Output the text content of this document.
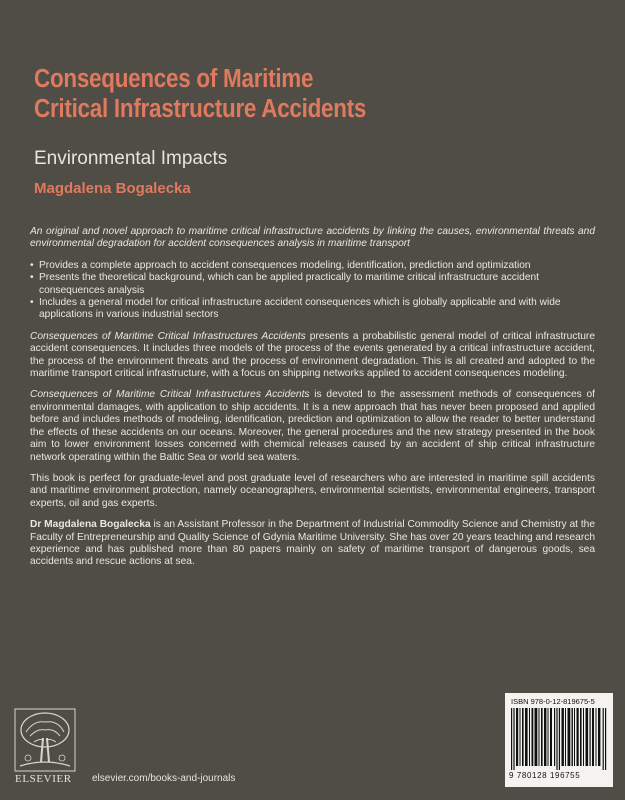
Consequences of Maritime
Critical Infrastructure Accidents
Environmental Impacts
Magdalena Bogalecka

An original and novel approach to maritime critical infrastructure accidents by linking the causes, environmental threats and environmental degradation for accident consequences analysis in maritime transport

• Provides a complete approach to accident consequences modeling, identification, prediction and optimization
• Presents the theoretical background, which can be applied practically to maritime critical infrastructure accident consequences analysis
• Includes a general model for critical infrastructure accident consequences which is globally applicable and with wide applications in various industrial sectors

Consequences of Maritime Critical Infrastructures Accidents presents a probabilistic general model of critical infrastructure accident consequences. It includes three models of the process of the events generated by a critical infrastructure accident, the process of the environment threats and the process of environment degradation. This is all created and adopted to the maritime transport critical infrastructure, with a focus on shipping networks applied to accident consequences modeling.

Consequences of Maritime Critical Infrastructures Accidents is devoted to the assessment methods of consequences of environmental damages, with application to ship accidents. It is a new approach that has never been proposed and applied before and includes methods of modeling, identification, prediction and optimization to allow the reader to better understand the effects of these accidents on our oceans. Moreover, the general procedures and the new strategy presented in the book aim to lower environment losses concerned with chemical releases caused by an accident of ship critical infrastructure network operating within the Baltic Sea or world sea waters.

This book is perfect for graduate-level and post graduate level of researchers who are interested in maritime spill accidents and maritime environment protection, namely oceanographers, environmental scientists, environmental engineers, transport experts, oil and gas experts.

Dr Magdalena Bogalecka is an Assistant Professor in the Department of Industrial Commodity Science and Chemistry at the Faculty of Entrepreneurship and Quality Science of Gdynia Maritime University. She has over 20 years teaching and research experience and has published more than 80 papers mainly on safety of maritime transport of dangerous goods, sea accidents and rescue actions at sea.

ELSEVIER elsevier.com/books-and-journals
ISBN 978-0-12-819675-5
9 780128 196755
